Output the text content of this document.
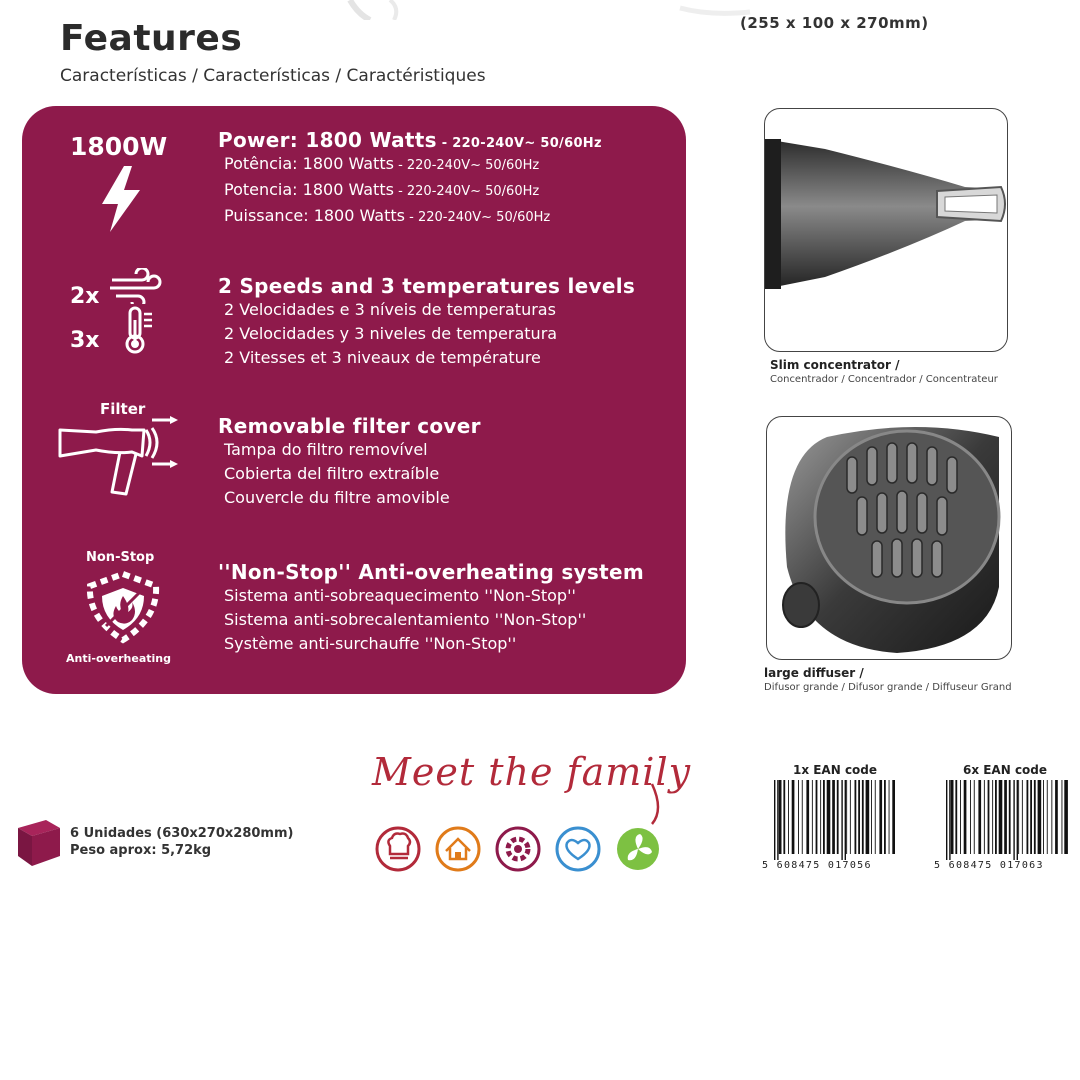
Features
Características / Características / Caractéristiques
(255 x 100 x 270mm)
1800W	Power: 1800 Watts - 220-240V~ 50/60Hz
Potência: 1800 Watts - 220-240V~ 50/60Hz
Potencia: 1800 Watts - 220-240V~ 50/60Hz
Puissance: 1800 Watts - 220-240V~ 50/60Hz
2x
3x
2 Speeds and 3 temperatures levels
2 Velocidades e 3 níveis de temperaturas
2 Velocidades y 3 niveles de temperatura
2 Vitesses et 3 niveaux de température
Filter
Removable filter cover
Tampa do filtro removível
Cobierta del filtro extraíble
Couvercle du filtre amovible
Non-Stop
Anti-overheating
''Non-Stop'' Anti-overheating system
Sistema anti-sobreaquecimento ''Non-Stop''
Sistema anti-sobrecalentamiento ''Non-Stop''
Système anti-surchauffe ''Non-Stop''
Slim concentrator /
Concentrador / Concentrador / Concentrateur
large diffuser /
Difusor grande / Difusor grande / Diffuseur Grand
6 Unidades (630x270x280mm)
Peso aprox: 5,72kg
Meet the family	1x EAN code
5 608475 017056
6x EAN code
5 608475 017063
